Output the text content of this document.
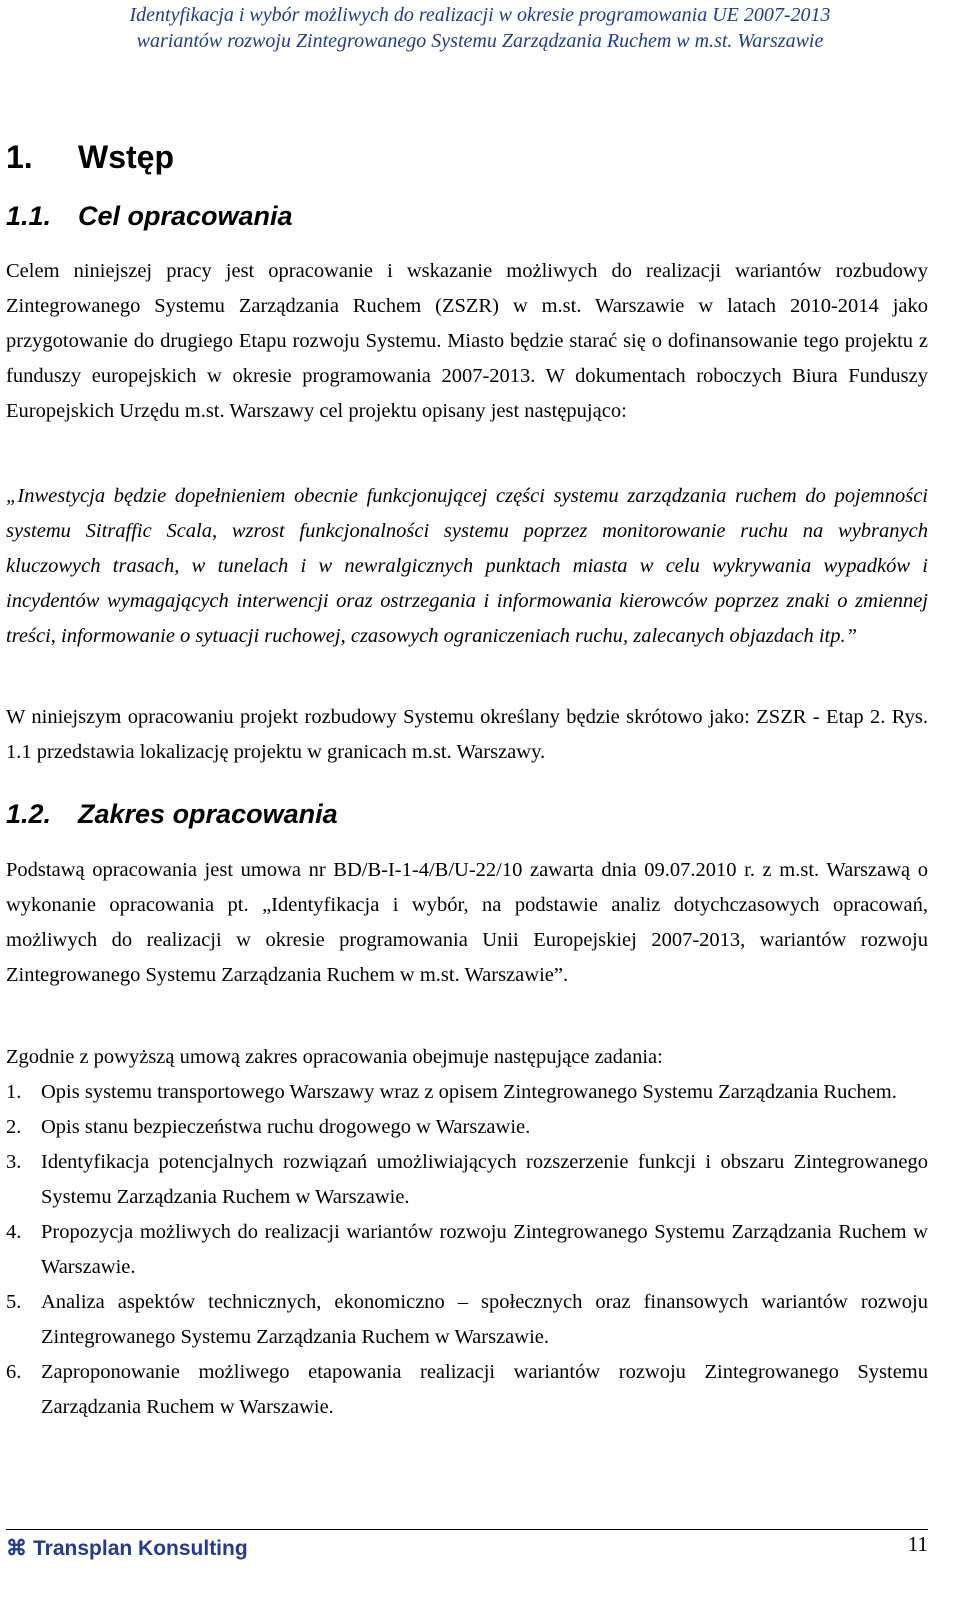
Identyfikacja i wybór możliwych do realizacji w okresie programowania UE 2007-2013
wariantów rozwoju Zintegrowanego Systemu Zarządzania Ruchem w m.st. Warszawie
1. Wstęp
1.1. Cel opracowania

Celem niniejszej pracy jest opracowanie i wskazanie możliwych do realizacji wariantów rozbudowy Zintegrowanego Systemu Zarządzania Ruchem (ZSZR) w m.st. Warszawie w latach 2010-2014 jako przygotowanie do drugiego Etapu rozwoju Systemu. Miasto będzie starać się o dofinansowanie tego projektu z funduszy europejskich w okresie programowania 2007-2013. W dokumentach roboczych Biura Funduszy Europejskich Urzędu m.st. Warszawy cel projektu opisany jest następująco:

„Inwestycja będzie dopełnieniem obecnie funkcjonującej części systemu zarządzania ruchem do pojemności systemu Sitraffic Scala, wzrost funkcjonalności systemu poprzez monitorowanie ruchu na wybranych kluczowych trasach, w tunelach i w newralgicznych punktach miasta w celu wykrywania wypadków i incydentów wymagających interwencji oraz ostrzegania i informowania kierowców poprzez znaki o zmiennej treści, informowanie o sytuacji ruchowej, czasowych ograniczeniach ruchu, zalecanych objazdach itp.”

W niniejszym opracowaniu projekt rozbudowy Systemu określany będzie skrótowo jako: ZSZR - Etap 2. Rys. 1.1 przedstawia lokalizację projektu w granicach m.st. Warszawy.

1.2. Zakres opracowania

Podstawą opracowania jest umowa nr BD/B-I-1-4/B/U-22/10 zawarta dnia 09.07.2010 r. z m.st. Warszawą o wykonanie opracowania pt. „Identyfikacja i wybór, na podstawie analiz dotychczasowych opracowań, możliwych do realizacji w okresie programowania Unii Europejskiej 2007-2013, wariantów rozwoju Zintegrowanego Systemu Zarządzania Ruchem w m.st. Warszawie”.

Zgodnie z powyższą umową zakres opracowania obejmuje następujące zadania:

1. Opis systemu transportowego Warszawy wraz z opisem Zintegrowanego Systemu Zarządzania Ruchem.
2. Opis stanu bezpieczeństwa ruchu drogowego w Warszawie.
3. Identyfikacja potencjalnych rozwiązań umożliwiających rozszerzenie funkcji i obszaru Zintegrowanego Systemu Zarządzania Ruchem w Warszawie.
4. Propozycja możliwych do realizacji wariantów rozwoju Zintegrowanego Systemu Zarządzania Ruchem w Warszawie.
5. Analiza aspektów technicznych, ekonomiczno – społecznych oraz finansowych wariantów rozwoju Zintegrowanego Systemu Zarządzania Ruchem w Warszawie.
6. Zaproponowanie możliwego etapowania realizacji wariantów rozwoju Zintegrowanego Systemu Zarządzania Ruchem w Warszawie.
⌘ Transplan Konsulting	11
